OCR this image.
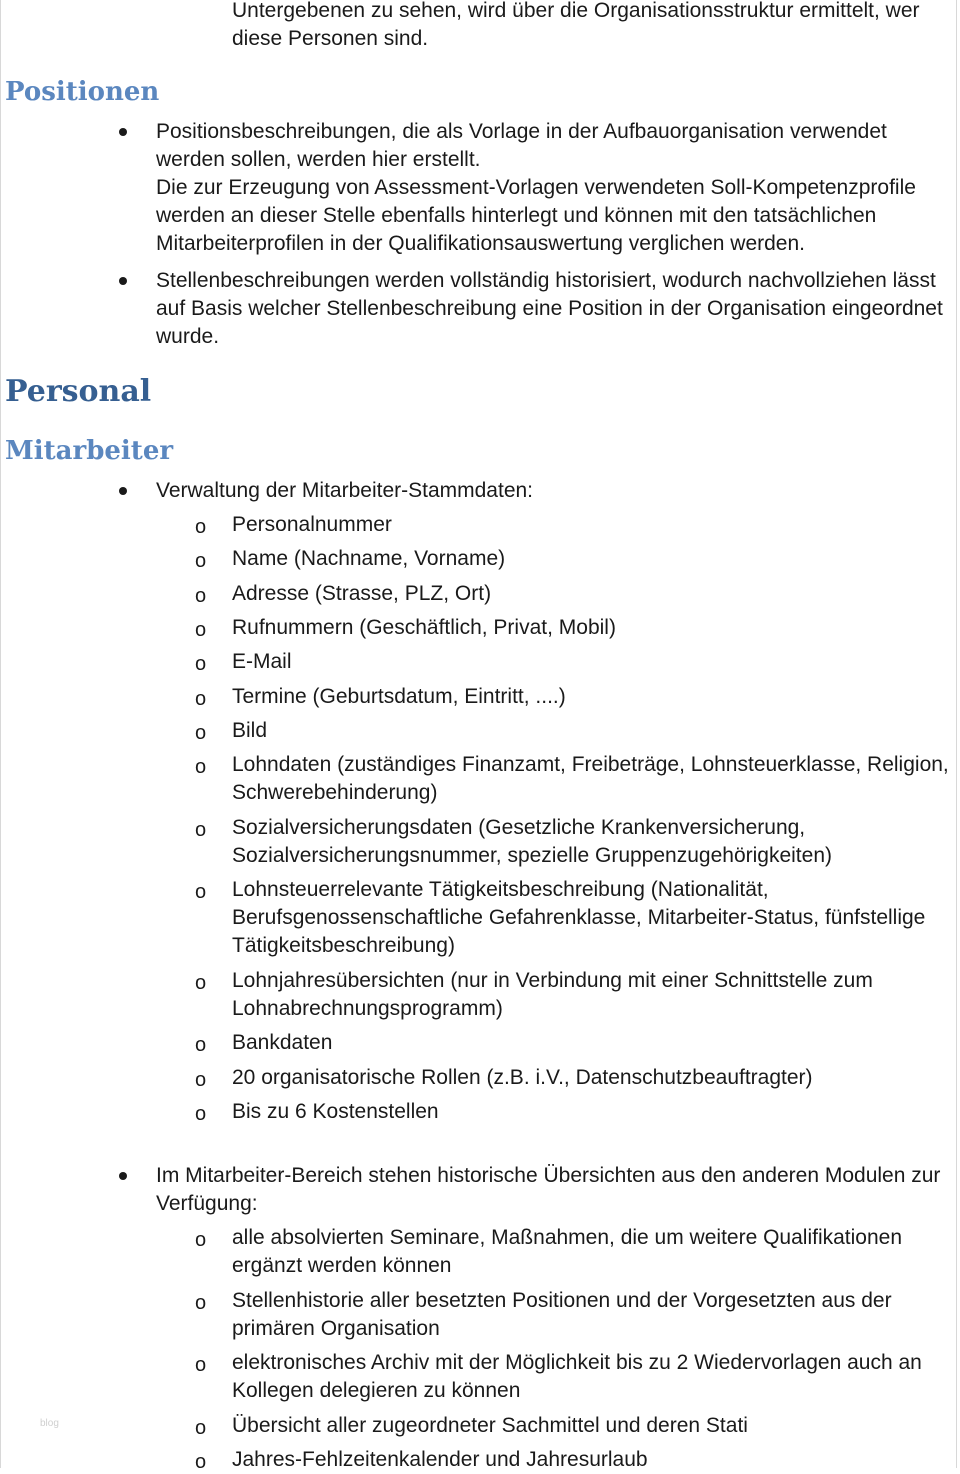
Untergebenen zu sehen, wird über die Organisationsstruktur ermittelt, wer
diese Personen sind.
Positionen
Positionsbeschreibungen, die als Vorlage in der Aufbauorganisation verwendet
werden sollen, werden hier erstellt.
Die zur Erzeugung von Assessment-Vorlagen verwendeten Soll-Kompetenzprofile
werden an dieser Stelle ebenfalls hinterlegt und können mit den tatsächlichen
Mitarbeiterprofilen in der Qualifikationsauswertung verglichen werden.
Stellenbeschreibungen werden vollständig historisiert, wodurch nachvollziehen lässt
auf Basis welcher Stellenbeschreibung eine Position in der Organisation eingeordnet
wurde.
Personal
Mitarbeiter
Verwaltung der Mitarbeiter-Stammdaten:
o Personalnummer
o Name (Nachname, Vorname)
o Adresse (Strasse, PLZ, Ort)
o Rufnummern (Geschäftlich, Privat, Mobil)
o E-Mail
o Termine (Geburtsdatum, Eintritt, ....)
o Bild
o Lohndaten (zuständiges Finanzamt, Freibeträge, Lohnsteuerklasse, Religion,
Schwerebehinderung)
o Sozialversicherungsdaten (Gesetzliche Krankenversicherung,
Sozialversicherungsnummer, spezielle Gruppenzugehörigkeiten)
o Lohnsteuerrelevante Tätigkeitsbeschreibung (Nationalität,
Berufsgenossenschaftliche Gefahrenklasse, Mitarbeiter-Status, fünfstellige
Tätigkeitsbeschreibung)
o Lohnjahresübersichten (nur in Verbindung mit einer Schnittstelle zum
Lohnabrechnungsprogramm)
o Bankdaten
o 20 organisatorische Rollen (z.B. i.V., Datenschutzbeauftragter)
o Bis zu 6 Kostenstellen
Im Mitarbeiter-Bereich stehen historische Übersichten aus den anderen Modulen zur
Verfügung:
o alle absolvierten Seminare, Maßnahmen, die um weitere Qualifikationen
ergänzt werden können
o Stellenhistorie aller besetzten Positionen und der Vorgesetzten aus der
primären Organisation
o elektronisches Archiv mit der Möglichkeit bis zu 2 Wiedervorlagen auch an
Kollegen delegieren zu können
o Übersicht aller zugeordneter Sachmittel und deren Stati
o Jahres-Fehlzeitenkalender und Jahresurlaub
blog
